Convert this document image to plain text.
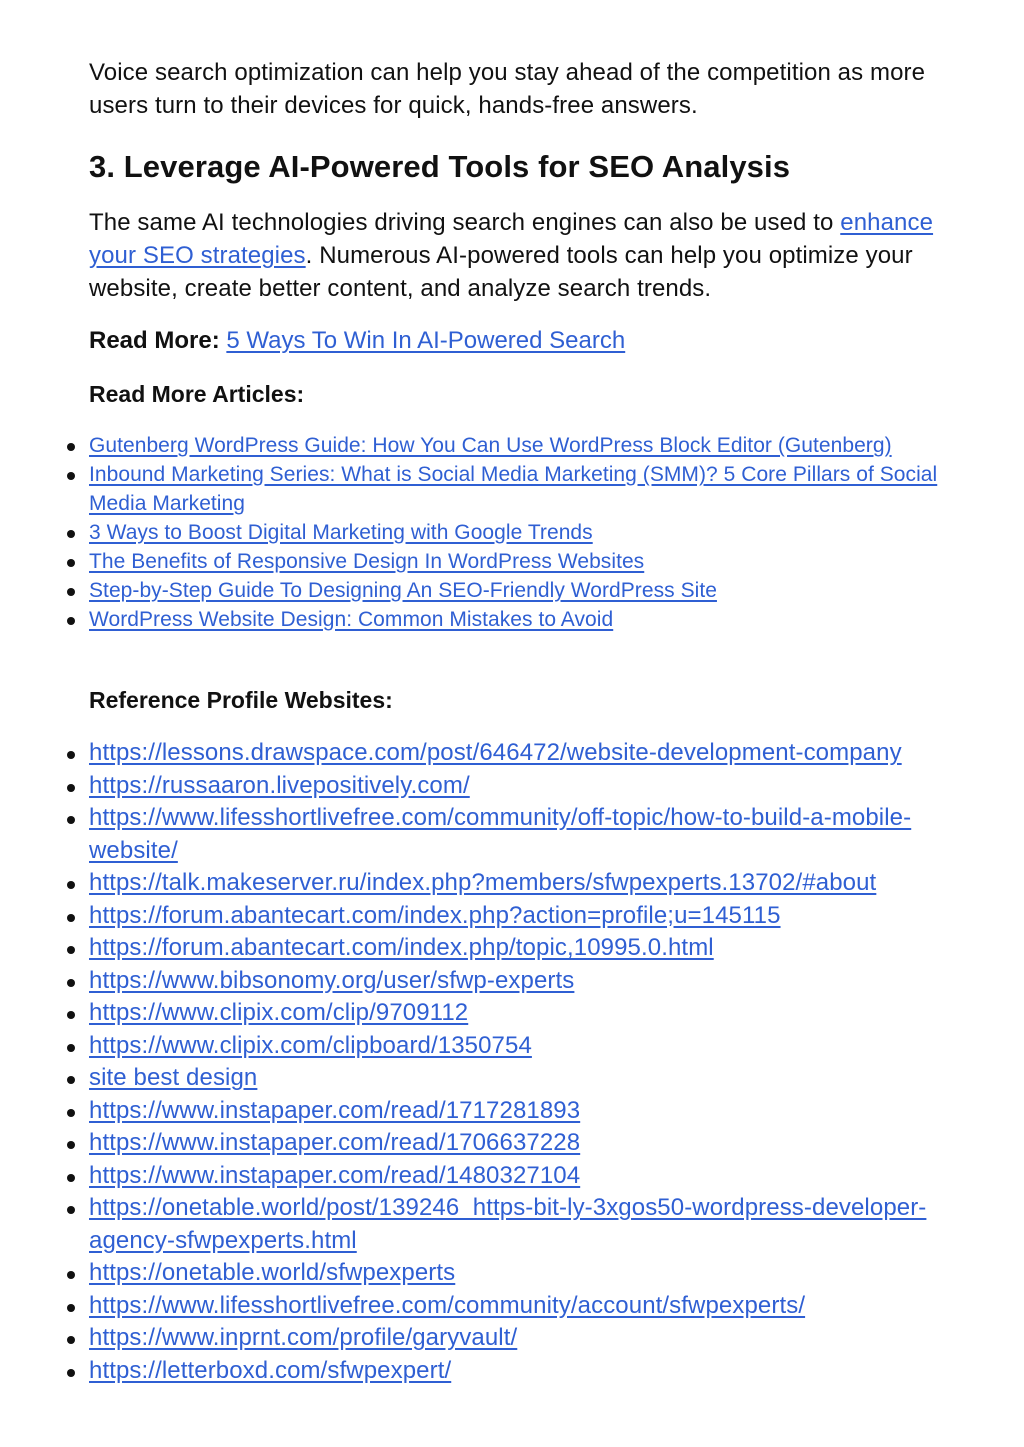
Voice search optimization can help you stay ahead of the competition as more users turn to their devices for quick, hands-free answers.

3. Leverage AI-Powered Tools for SEO Analysis

The same AI technologies driving search engines can also be used to enhance your SEO strategies. Numerous AI-powered tools can help you optimize your website, create better content, and analyze search trends.

Read More: 5 Ways To Win In AI-Powered Search

Read More Articles:

Gutenberg WordPress Guide: How You Can Use WordPress Block Editor (Gutenberg)
Inbound Marketing Series: What is Social Media Marketing (SMM)? 5 Core Pillars of Social Media Marketing
3 Ways to Boost Digital Marketing with Google Trends
The Benefits of Responsive Design In WordPress Websites
Step-by-Step Guide To Designing An SEO-Friendly WordPress Site
WordPress Website Design: Common Mistakes to Avoid

Reference Profile Websites:

https://lessons.drawspace.com/post/646472/website-development-company
https://russaaron.livepositively.com/
https://www.lifesshortlivefree.com/community/off-topic/how-to-build-a-mobile-website/
https://talk.makeserver.ru/index.php?members/sfwpexperts.13702/#about
https://forum.abantecart.com/index.php?action=profile;u=145115
https://forum.abantecart.com/index.php/topic,10995.0.html
https://www.bibsonomy.org/user/sfwp-experts
https://www.clipix.com/clip/9709112
https://www.clipix.com/clipboard/1350754
site best design
https://www.instapaper.com/read/1717281893
https://www.instapaper.com/read/1706637228
https://www.instapaper.com/read/1480327104
https://onetable.world/post/139246_https-bit-ly-3xgos50-wordpress-developer-agency-sfwpexperts.html
https://onetable.world/sfwpexperts
https://www.lifesshortlivefree.com/community/account/sfwpexperts/
https://www.inprnt.com/profile/garyvault/
https://letterboxd.com/sfwpexpert/
